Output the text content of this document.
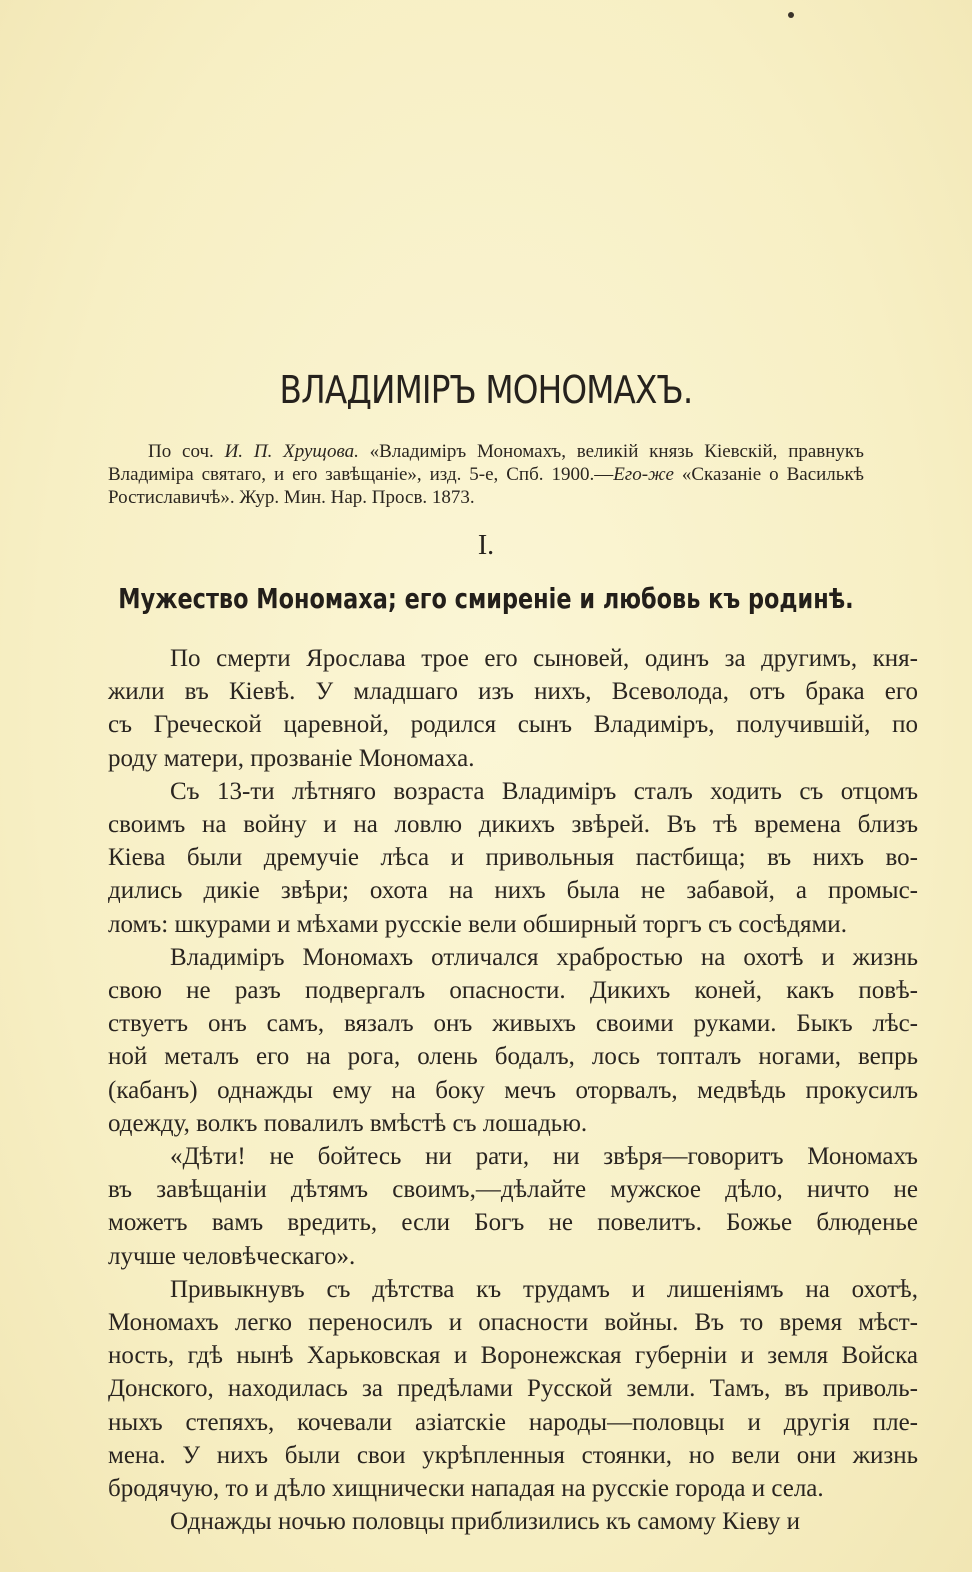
ВЛАДИМІРЪ МОНОМАХЪ.
По соч. И. П. Хрущова. «Владиміръ Мономахъ, великій князь Кіевскій, правнукъ Владиміра святаго, и его завѣщаніе», изд. 5-е, Спб. 1900.—Его-же «Сказаніе о Василькѣ Ростиславичѣ». Жур. Мин. Нар. Просв. 1873.
I.
Мужество Мономаха; его смиреніе и любовь къ родинѣ.
По смерти Ярослава трое его сыновей, одинъ за другимъ, кня-
жили въ Кіевѣ. У младшаго изъ нихъ, Всеволода, отъ брака его
съ Греческой царевной, родился сынъ Владиміръ, получившій, по
роду матери, прозваніе Мономаха.
Съ 13-ти лѣтняго возраста Владиміръ сталъ ходить съ отцомъ
своимъ на войну и на ловлю дикихъ звѣрей. Въ тѣ времена близъ
Кіева были дремучіе лѣса и привольныя пастбища; въ нихъ во-
дились дикіе звѣри; охота на нихъ была не забавой, а промыс-
ломъ: шкурами и мѣхами русскіе вели обширный торгъ съ сосѣдями.
Владиміръ Мономахъ отличался храбростью на охотѣ и жизнь
свою не разъ подвергалъ опасности. Дикихъ коней, какъ повѣ-
ствуетъ онъ самъ, вязалъ онъ живыхъ своими руками. Быкъ лѣс-
ной металъ его на рога, олень бодалъ, лось топталъ ногами, вепрь
(кабанъ) однажды ему на боку мечъ оторвалъ, медвѣдь прокусилъ
одежду, волкъ повалилъ вмѣстѣ съ лошадью.
«Дѣти! не бойтесь ни рати, ни звѣря—говоритъ Мономахъ
въ завѣщаніи дѣтямъ своимъ,—дѣлайте мужское дѣло, ничто не
можетъ вамъ вредить, если Богъ не повелитъ. Божье блюденье
лучше человѣческаго».
Привыкнувъ съ дѣтства къ трудамъ и лишеніямъ на охотѣ,
Мономахъ легко переносилъ и опасности войны. Въ то время мѣст-
ность, гдѣ нынѣ Харьковская и Воронежская губерніи и земля Войска
Донского, находилась за предѣлами Русской земли. Тамъ, въ приволь-
ныхъ степяхъ, кочевали азіатскіе народы—половцы и другія пле-
мена. У нихъ были свои укрѣпленныя стоянки, но вели они жизнь
бродячую, то и дѣло хищнически нападая на русскіе города и села.
Однажды ночью половцы приблизились къ самому Кіеву и
